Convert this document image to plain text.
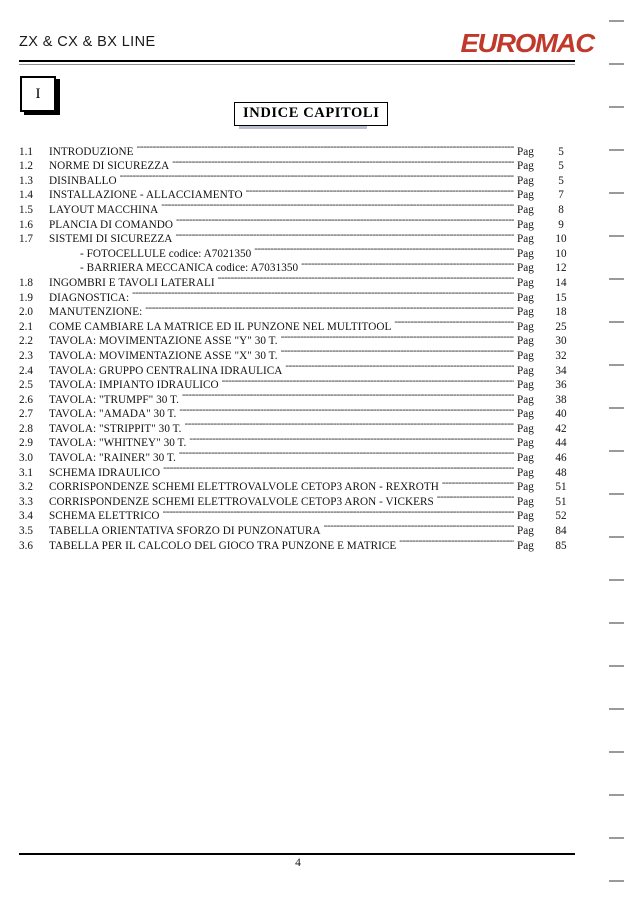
ZX & CX & BX LINE	EUROMAC
I
INDICE CAPITOLI
1.1	INTRODUZIONE -----	Pag	5
1.2	NORME DI SICUREZZA -----	Pag	5
1.3	DISINBALLO -----	Pag	5
1.4	INSTALLAZIONE - ALLACCIAMENTO -----	Pag	7
1.5	LAYOUT MACCHINA -----	Pag	8
1.6	PLANCIA DI COMANDO -----	Pag	9
1.7	SISTEMI DI SICUREZZA -----	Pag	10
- FOTOCELLULE codice: A7021350 -----	Pag	10
- BARRIERA MECCANICA codice: A7031350 -----	Pag	12
1.8	INGOMBRI E TAVOLI LATERALI -----	Pag	14
1.9	DIAGNOSTICA: -----	Pag	15
2.0	MANUTENZIONE: -----	Pag	18
2.1	COME CAMBIARE LA MATRICE ED IL PUNZONE NEL MULTITOOL -----	Pag	25
2.2	TAVOLA: MOVIMENTAZIONE ASSE "Y" 30 T. -----	Pag	30
2.3	TAVOLA: MOVIMENTAZIONE ASSE "X" 30 T. -----	Pag	32
2.4	TAVOLA: GRUPPO CENTRALINA IDRAULICA -----	Pag	34
2.5	TAVOLA: IMPIANTO IDRAULICO -----	Pag	36
2.6	TAVOLA: "TRUMPF" 30 T. -----	Pag	38
2.7	TAVOLA: "AMADA" 30 T. -----	Pag	40
2.8	TAVOLA: "STRIPPIT" 30 T. -----	Pag	42
2.9	TAVOLA: "WHITNEY" 30 T. -----	Pag	44
3.0	TAVOLA: "RAINER" 30 T. -----	Pag	46
3.1	SCHEMA IDRAULICO -----	Pag	48
3.2	CORRISPONDENZE SCHEMI ELETTROVALVOLE CETOP3 ARON - REXROTH -----	Pag	51
3.3	CORRISPONDENZE SCHEMI ELETTROVALVOLE CETOP3 ARON - VICKERS -----	Pag	51
3.4	SCHEMA ELETTRICO -----	Pag	52
3.5	TABELLA ORIENTATIVA SFORZO DI PUNZONATURA -----	Pag	84
3.6	TABELLA PER IL CALCOLO DEL GIOCO TRA PUNZONE E MATRICE -----	Pag	85
4
